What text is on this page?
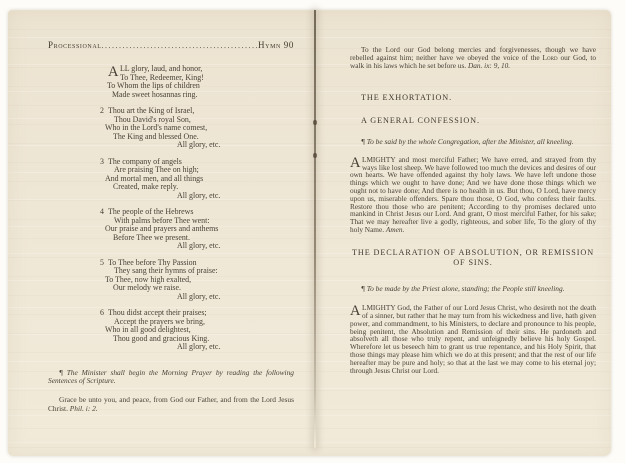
Processional .....	Hymn 90
A LL glory, laud, and honor,
To Thee, Redeemer, King!
To Whom the lips of children
Made sweet hosannas ring.
2 Thou art the King of Israel,
Thou David's royal Son,
Who in the Lord's name comest,
The King and blessed One.
All glory, etc.
3 The company of angels
Are praising Thee on high;
And mortal men, and all things
Created, make reply.
All glory, etc.
4 The people of the Hebrews
With palms before Thee went:
Our praise and prayers and anthems
Before Thee we present.
All glory, etc.
5 To Thee before Thy Passion
They sang their hymns of praise:
To Thee, now high exalted,
Our melody we raise.
All glory, etc.
6 Thou didst accept their praises;
Accept the prayers we bring,
Who in all good delightest,
Thou good and gracious King.
All glory, etc.
¶ The Minister shall begin the Morning Prayer by reading the following Sentences of Scripture.

Grace be unto you, and peace, from God our Father, and from the Lord Jesus Christ. Phil. i: 2.

To the Lord our God belong mercies and forgivenesses, though we have rebelled against him; neither have we obeyed the voice of the Lord our God, to walk in his laws which he set before us. Dan. ix: 9, 10.

THE EXHORTATION.
A GENERAL CONFESSION.
¶ To be said by the whole Congregation, after the Minister, all kneeling.

ALMIGHTY and most merciful Father; We have erred, and strayed from thy ways like lost sheep. We have followed too much the devices and desires of our own hearts. We have offended against thy holy laws. We have left undone those things which we ought to have done; And we have done those things which we ought not to have done; And there is no health in us. But thou, O Lord, have mercy upon us, miserable offenders. Spare thou those, O God, who confess their faults. Restore thou those who are penitent; According to thy promises declared unto mankind in Christ Jesus our Lord. And grant, O most merciful Father, for his sake; That we may hereafter live a godly, righteous, and sober life, To the glory of thy holy Name. Amen.

THE DECLARATION OF ABSOLUTION, OR REMISSION
OF SINS.
¶ To be made by the Priest alone, standing; the People still kneeling.

ALMIGHTY God, the Father of our Lord Jesus Christ, who desireth not the death of a sinner, but rather that he may turn from his wickedness and live, hath given power, and commandment, to his Ministers, to declare and pronounce to his people, being penitent, the Absolution and Remission of their sins. He pardoneth and absolveth all those who truly repent, and unfeignedly believe his holy Gospel. Wherefore let us beseech him to grant us true repentance, and his Holy Spirit, that those things may please him which we do at this present; and that the rest of our life hereafter may be pure and holy; so that at the last we may come to his eternal joy; through Jesus Christ our Lord.
